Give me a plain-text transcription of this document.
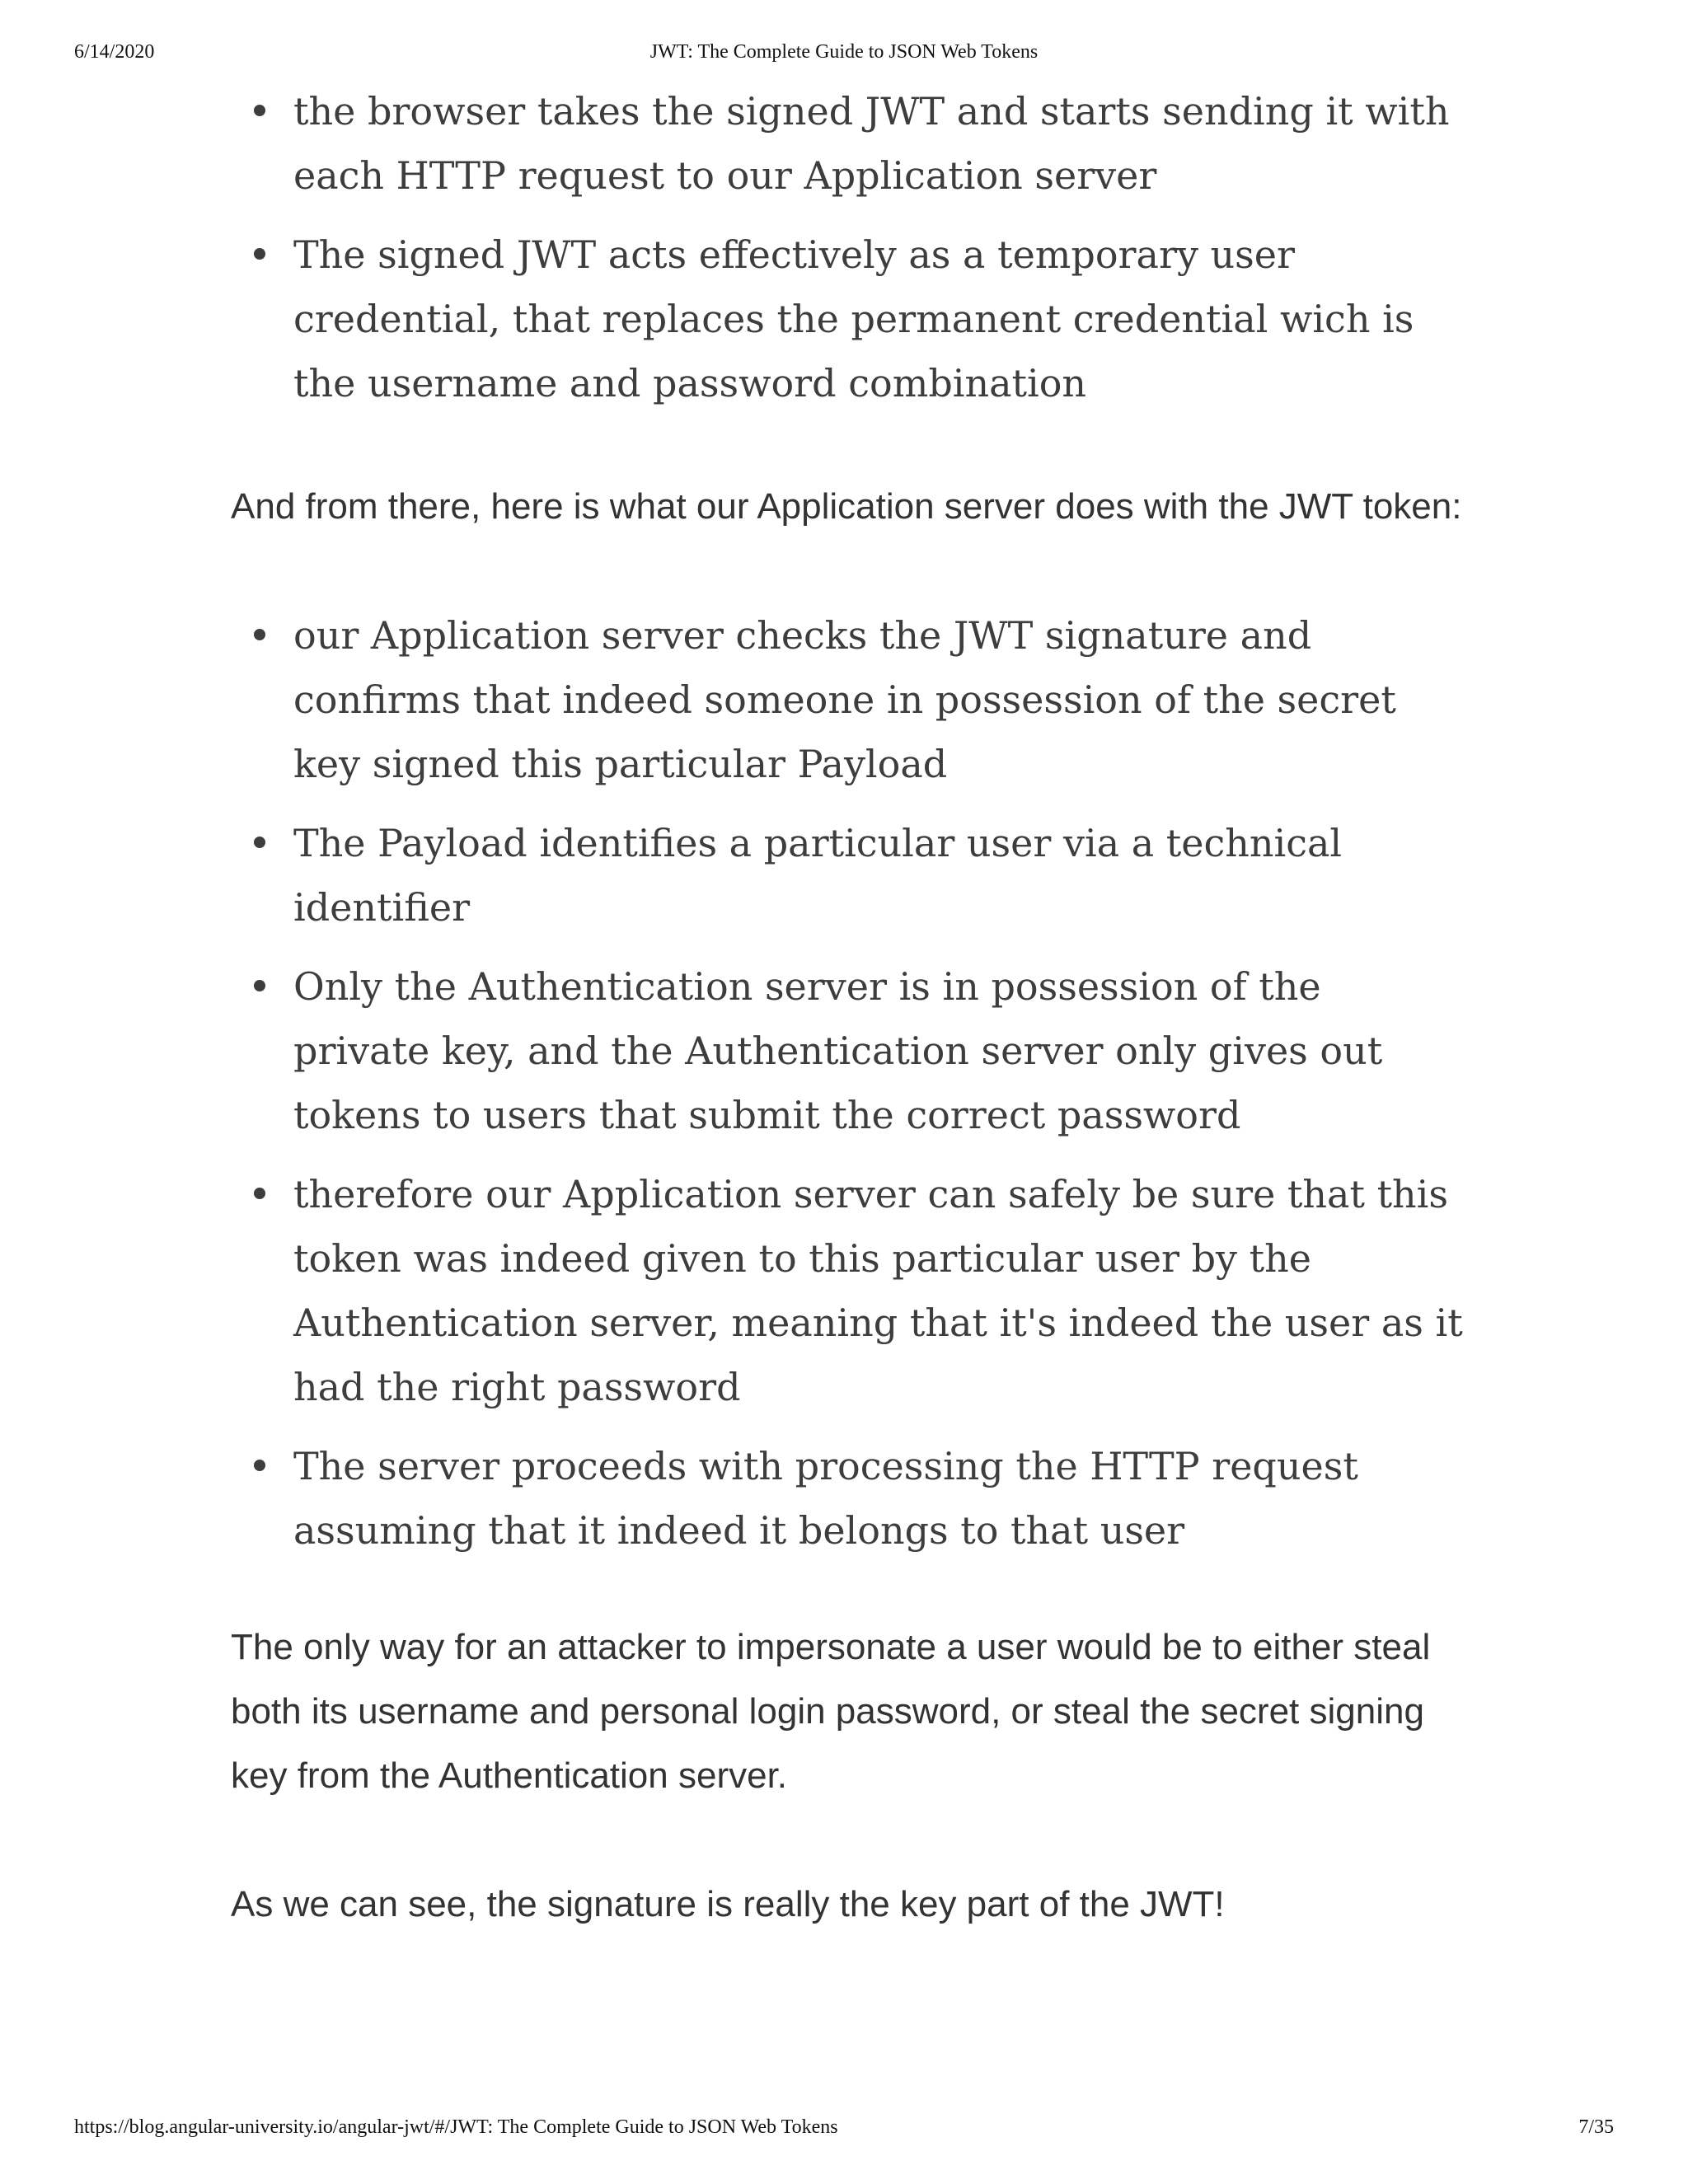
6/14/2020	JWT: The Complete Guide to JSON Web Tokens
the browser takes the signed JWT and starts sending it with each HTTP request to our Application server
The signed JWT acts effectively as a temporary user credential, that replaces the permanent credential wich is the username and password combination

And from there, here is what our Application server does with the JWT token:

our Application server checks the JWT signature and confirms that indeed someone in possession of the secret key signed this particular Payload
The Payload identifies a particular user via a technical identifier
Only the Authentication server is in possession of the private key, and the Authentication server only gives out tokens to users that submit the correct password
therefore our Application server can safely be sure that this token was indeed given to this particular user by the Authentication server, meaning that it's indeed the user as it had the right password
The server proceeds with processing the HTTP request assuming that it indeed it belongs to that user

The only way for an attacker to impersonate a user would be to either steal both its username and personal login password, or steal the secret signing key from the Authentication server.

As we can see, the signature is really the key part of the JWT!

https://blog.angular-university.io/angular-jwt/#/JWT: The Complete Guide to JSON Web Tokens	7/35
